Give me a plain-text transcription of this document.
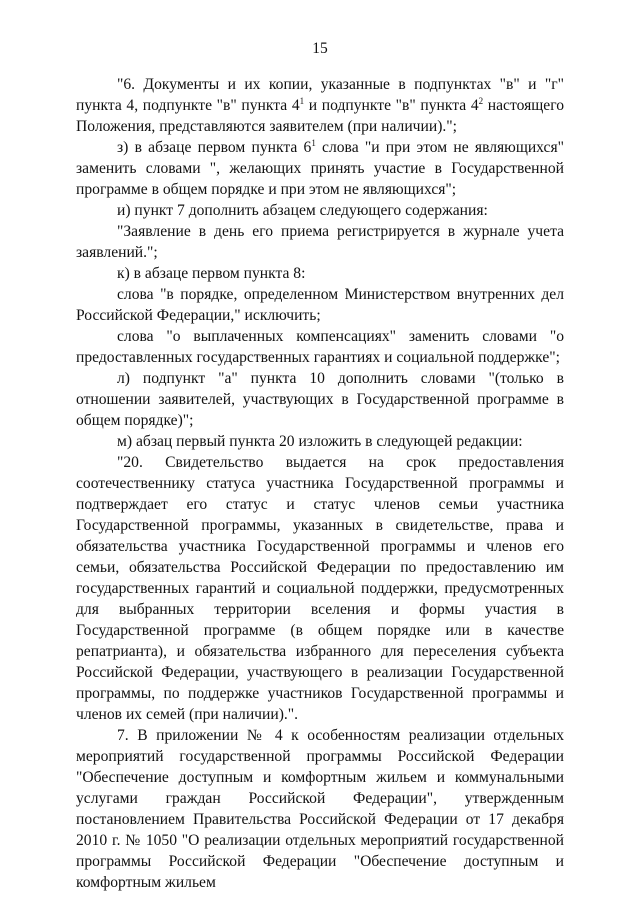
15

"6. Документы и их копии, указанные в подпунктах "в" и "г" пункта 4, подпункте "в" пункта $4^1$ и подпункте "в" пункта $4^2$ настоящего Положения, представляются заявителем (при наличии).";

з) в абзаце первом пункта $6^1$ слова "и при этом не являющихся" заменить словами ", желающих принять участие в Государственной программе в общем порядке и при этом не являющихся";

и) пункт 7 дополнить абзацем следующего содержания:

"Заявление в день его приема регистрируется в журнале учета заявлений.";

к) в абзаце первом пункта 8:

слова "в порядке, определенном Министерством внутренних дел Российской Федерации," исключить;

слова "о выплаченных компенсациях" заменить словами "о предоставленных государственных гарантиях и социальной поддержке";

л) подпункт "а" пункта 10 дополнить словами "(только в отношении заявителей, участвующих в Государственной программе в общем порядке)";

м) абзац первый пункта 20 изложить в следующей редакции:

"20. Свидетельство выдается на срок предоставления соотечественнику статуса участника Государственной программы и подтверждает его статус и статус членов семьи участника Государственной программы, указанных в свидетельстве, права и обязательства участника Государственной программы и членов его семьи, обязательства Российской Федерации по предоставлению им государственных гарантий и социальной поддержки, предусмотренных для выбранных территории вселения и формы участия в Государственной программе (в общем порядке или в качестве репатрианта), и обязательства избранного для переселения субъекта Российской Федерации, участвующего в реализации Государственной программы, по поддержке участников Государственной программы и членов их семей (при наличии).".

7. В приложении № 4 к особенностям реализации отдельных мероприятий государственной программы Российской Федерации "Обеспечение доступным и комфортным жильем и коммунальными услугами граждан Российской Федерации", утвержденным постановлением Правительства Российской Федерации от 17 декабря 2010 г. № 1050 "О реализации отдельных мероприятий государственной программы Российской Федерации "Обеспечение доступным и комфортным жильем
